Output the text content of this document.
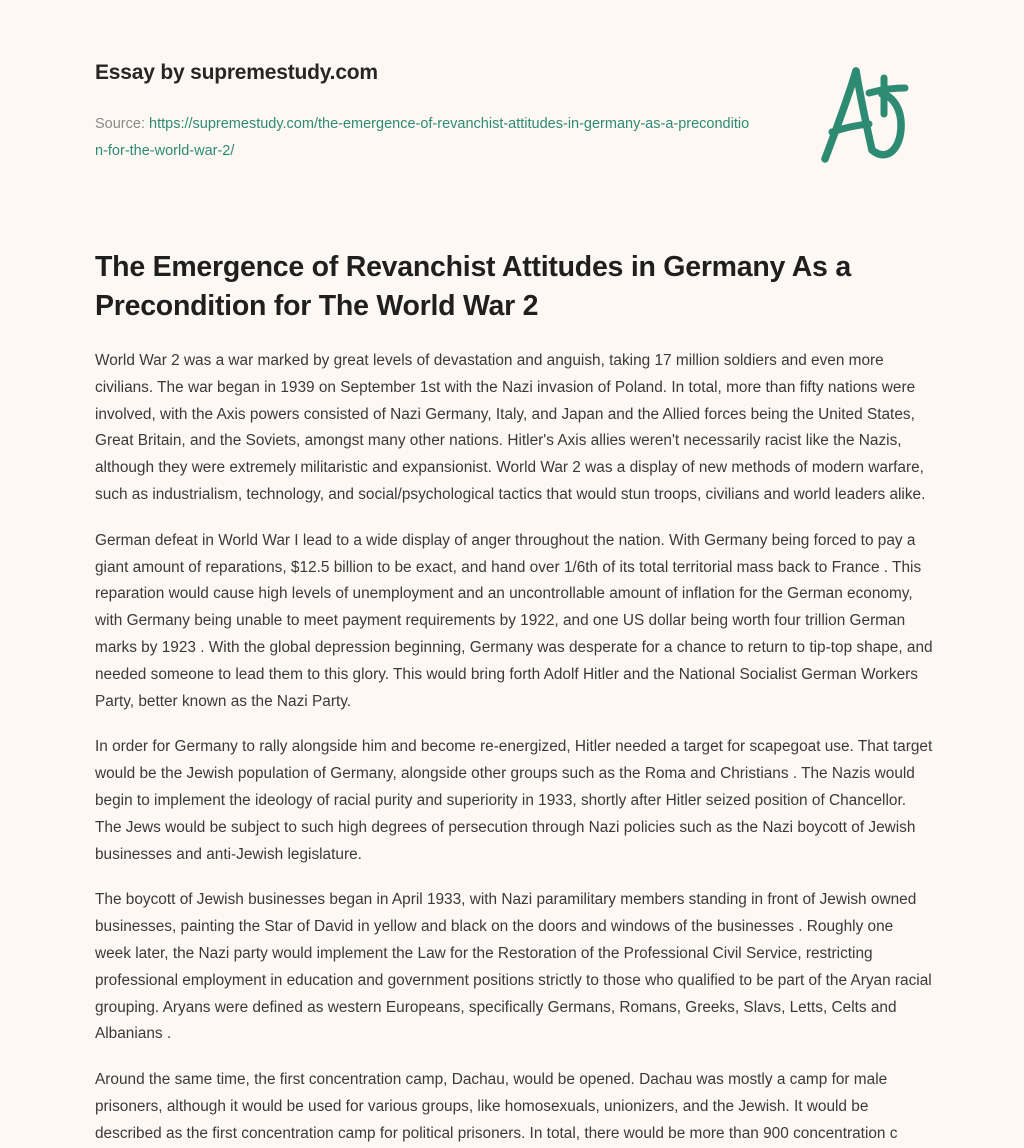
Essay by supremestudy.com
Source: https://supremestudy.com/the-emergence-of-revanchist-attitudes-in-germany-as-a-precondition-for-the-world-war-2/
The Emergence of Revanchist Attitudes in Germany As a Precondition for The World War 2

World War 2 was a war marked by great levels of devastation and anguish, taking 17 million soldiers and even more civilians. The war began in 1939 on September 1st with the Nazi invasion of Poland. In total, more than fifty nations were involved, with the Axis powers consisted of Nazi Germany, Italy, and Japan and the Allied forces being the United States, Great Britain, and the Soviets, amongst many other nations. Hitler's Axis allies weren't necessarily racist like the Nazis, although they were extremely militaristic and expansionist. World War 2 was a display of new methods of modern warfare, such as industrialism, technology, and social/psychological tactics that would stun troops, civilians and world leaders alike.

German defeat in World War I lead to a wide display of anger throughout the nation. With Germany being forced to pay a giant amount of reparations, $12.5 billion to be exact, and hand over 1/6th of its total territorial mass back to France . This reparation would cause high levels of unemployment and an uncontrollable amount of inflation for the German economy, with Germany being unable to meet payment requirements by 1922, and one US dollar being worth four trillion German marks by 1923 . With the global depression beginning, Germany was desperate for a chance to return to tip-top shape, and needed someone to lead them to this glory. This would bring forth Adolf Hitler and the National Socialist German Workers Party, better known as the Nazi Party.

In order for Germany to rally alongside him and become re-energized, Hitler needed a target for scapegoat use. That target would be the Jewish population of Germany, alongside other groups such as the Roma and Christians . The Nazis would begin to implement the ideology of racial purity and superiority in 1933, shortly after Hitler seized position of Chancellor. The Jews would be subject to such high degrees of persecution through Nazi policies such as the Nazi boycott of Jewish businesses and anti-Jewish legislature.

The boycott of Jewish businesses began in April 1933, with Nazi paramilitary members standing in front of Jewish owned businesses, painting the Star of David in yellow and black on the doors and windows of the businesses . Roughly one week later, the Nazi party would implement the Law for the Restoration of the Professional Civil Service, restricting professional employment in education and government positions strictly to those who qualified to be part of the Aryan racial grouping. Aryans were defined as western Europeans, specifically Germans, Romans, Greeks, Slavs, Letts, Celts and Albanians .

Around the same time, the first concentration camp, Dachau, would be opened. Dachau was mostly a camp for male prisoners, although it would be used for various groups, like homosexuals, unionizers, and the Jewish. It would be described as the first concentration camp for political prisoners. In total, there would be more than 900 concentration c
